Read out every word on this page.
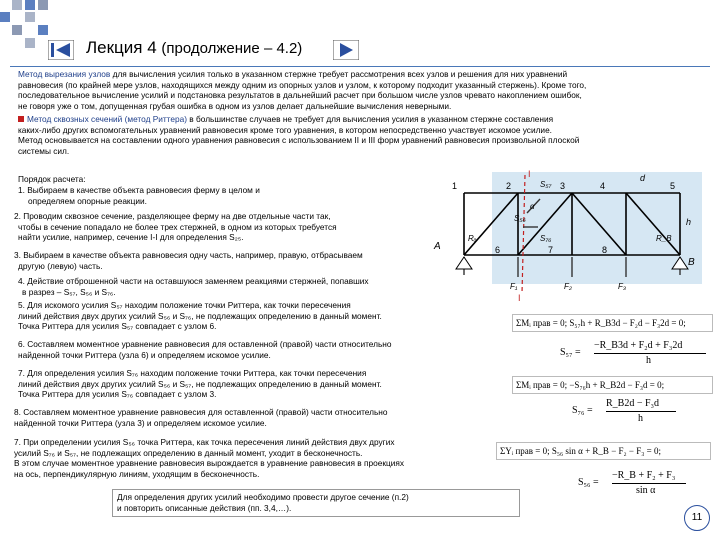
Лекция 4 (продолжение – 4.2)
Метод вырезания узлов для вычисления усилия только в указанном стержне требует рассмотрения всех узлов и решения для них уравнений
равновесия (по крайней мере узлов, находящихся между одним из опорных узлов и узлом, к которому подходит указанный стержень). Кроме того,
последовательное вычисление усилий и подстановка результатов в дальнейший расчет при большом числе узлов чревато накоплением ошибок,
не говоря уже о том, допущенная грубая ошибка в одном из узлов делает дальнейшие вычисления неверными.
Метод сквозных сечений (метод Риттера) в большинстве случаев не требует для вычисления усилия в указанном стержне составления
каких-либо других вспомогательных уравнений равновесия кроме того уравнения, в котором непосредственно участвует искомое усилие.
Метод основывается на составлении одного уравнения равновесия с использованием II и III форм уравнений равновесия произвольной плоской
системы сил.
I
I
1	2	3	4	5
6	7	8
A
B
d
h
α
S₅₇
S₅₆
S₇₆
Rₐ	R_B
F₁	F₂	F₃
Порядок расчета:
1. Выбираем в качестве объекта равновесия ферму в целом и
определяем опорные реакции.
2. Проводим сквозное сечение, разделяющее ферму на две отдельные части так,
чтобы в сечение попадало не более трех стержней, в одном из которых требуется
найти усилие, например, сечение I-I для определения S₂₅.
3. Выбираем в качестве объекта равновесия одну часть, например, правую, отбрасываем
другую (левую) часть.
4. Действие отброшенной части на оставшуюся заменяем реакциями стержней, попавших
в разрез – S₅₇, S₅₆ и S₇₆.
5. Для искомого усилия S₅₇ находим положение точки Риттера, как точки пересечения
линий действия двух других усилий S₅₆ и S₇₆, не подлежащих определению в данный момент.
Точка Риттера для усилия S₅₇ совпадает с узлом 6.
6. Составляем моментное уравнение равновесия для оставленной (правой) части относительно
найденной точки Риттера (узла 6) и определяем искомое усилие.
7. Для определения усилия S₇₆ находим положение точки Риттера, как точки пересечения
линий действия двух других усилий S₅₆ и S₅₇, не подлежащих определению в данный момент.
Точка Риттера для усилия S₇₆ совпадает с узлом 3.
8. Составляем моментное уравнение равновесия для оставленной (правой) части относительно
найденной точки Риттера (узла 3) и определяем искомое усилие.
7. При определении усилия S₅₆ точка Риттера, как точка пересечения линий действия двух других
усилий S₇₆ и S₅₇, не подлежащих определению в данный момент, уходит в бесконечность.
В этом случае моментное уравнение равновесия вырождается в уравнение равновесия в проекциях
на ось, перпендикулярную линиям, уходящим в бесконечность.
ΣMᵢ прав = 0; S₅₇h + R_B3d − F₂d − F₃2d = 0;
S₅₇ =
−R_B3d + F₂d + F₃2d
h
ΣMᵢ прав = 0; −S₇₆h + R_B2d − F₃d = 0;
S₇₆ =
R_B2d − F₃d
h
ΣYᵢ прав = 0; S₅₆ sin α + R_B − F₂ − F₃ = 0;
S₅₆ =
−R_B + F₂ + F₃
sin α
Для определения других усилий необходимо провести другое сечение (п.2)
и повторить описанные действия (пп. 3,4,…).
11
